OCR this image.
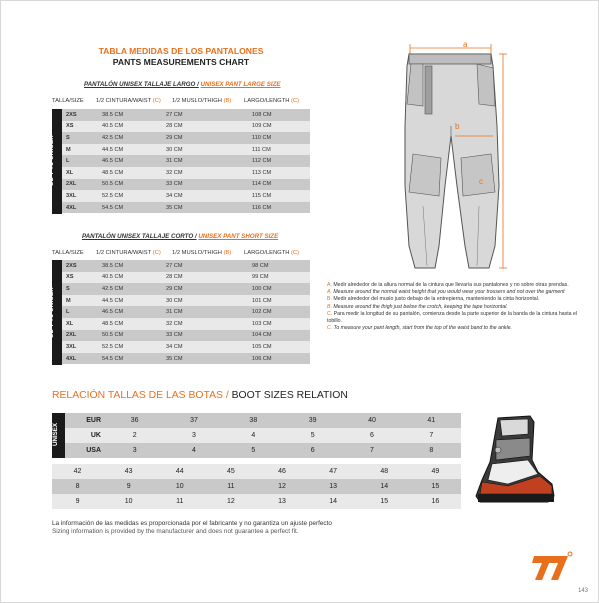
TABLA MEDIDAS DE LOS PANTALONES
PANTS MEASUREMENTS CHART
PANTALÓN UNISEX TALLAJE LARGO / UNISEX PANT LARGE SIZE
TALLA/SIZE 1/2 CINTURA/WAIST (C) 1/2 MUSLO/THIGH (B) LARGO/LENGTH (C)
SD-PT1 UNISEX
2XS	38.5 CM	27 CM	108 CM
XS	40.5 CM	28 CM	109 CM
S	42.5 CM	29 CM	110 CM
M	44.5 CM	30 CM	111 CM
L	46.5 CM	31 CM	112 CM
XL	48.5 CM	32 CM	113 CM
2XL	50.5 CM	33 CM	114 CM
3XL	52.5 CM	34 CM	115 CM
4XL	54.5 CM	35 CM	116 CM
PANTALÓN UNISEX TALLAJE CORTO / UNISEX PANT SHORT SIZE
TALLA/SIZE 1/2 CINTURA/WAIST (C) 1/2 MUSLO/THIGH (B) LARGO/LENGTH (C)
SD-PT1 UNISEX
2XS	38.5 CM	27 CM	98 CM
XS	40.5 CM	28 CM	99 CM
S	42.5 CM	29 CM	100 CM
M	44.5 CM	30 CM	101 CM
L	46.5 CM	31 CM	102 CM
XL	48.5 CM	32 CM	103 CM
2XL	50.5 CM	33 CM	104 CM
3XL	52.5 CM	34 CM	105 CM
4XL	54.5 CM	35 CM	106 CM
a
b
c

A. Medir alrededor de la altura normal de la cintura que llevaría sus pantalones y no sobre otras prendas.

A. Measure around the normal waist height that you would wear your trousers and not over the garment

B. Medir alrededor del muslo justo debajo de la entrepierna, manteniendo la cinta horizontal.

B. Measure around the thigh just below the crotch, keeping the tape horizontal.

C. Para medir la longitud de su pantalón, comienza desde la parte superior de la banda de la cintura hasta el tobillo.

C. To measure your pant length, start from the top of the waist band to the ankle.

RELACIÓN TALLAS DE LAS BOTAS / BOOT SIZES RELATION
UNISEX
EUR	36	37	38	39	40	41
UK	2	3	4	5	6	7
USA	3	4	5	6	7	8
42	43	44	45	46	47	48	49
8	9	10	11	12	13	14	15
9	10	11	12	13	14	15	16
La información de las medidas es proporcionada por el fabricante y no garantiza un ajuste perfecto
Sizing information is provided by the manufacturer and does not guarantee a perfect fit.
143
